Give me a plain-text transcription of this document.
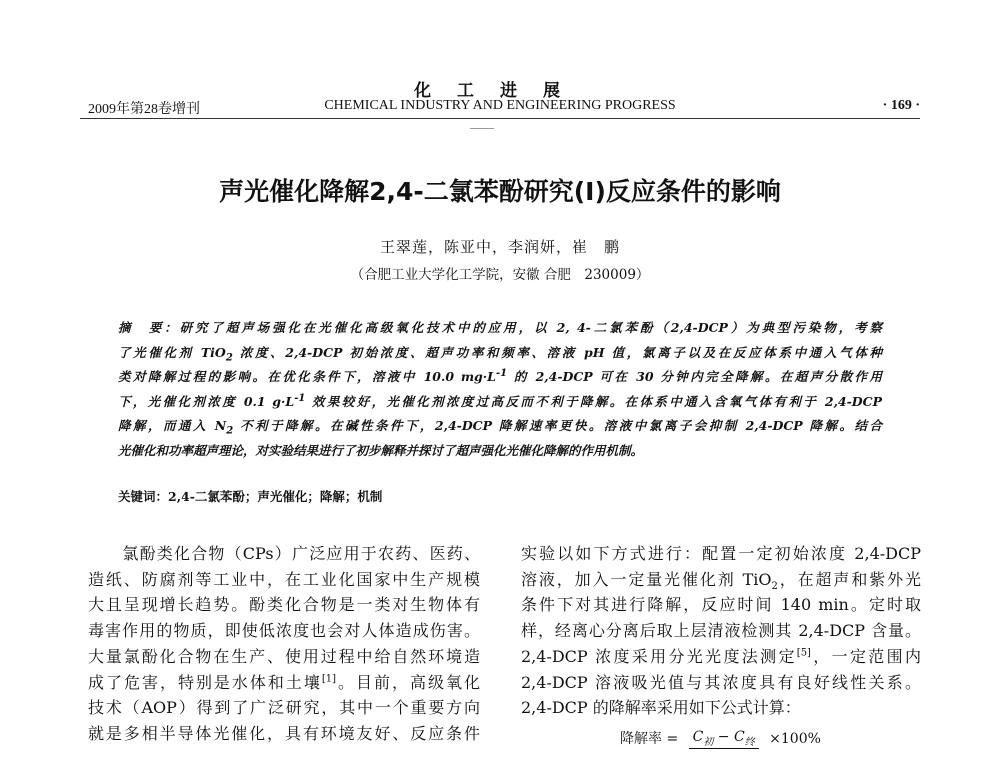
化工进展
2009年第28卷增刊	CHEMICAL INDUSTRY AND ENGINEERING PROGRESS	· 169 ·
声光催化降解2,4-二氯苯酚研究(I)反应条件的影响
王翠莲，陈亚中，李润妍，崔　鹏
（合肥工业大学化工学院，安徽 合肥　230009）
摘　要：研究了超声场强化在光催化高级氧化技术中的应用，以 2, 4-二氯苯酚（2,4-DCP）为典型污染物，考察
了光催化剂 TiO$_2$ 浓度、2,4-DCP 初始浓度、超声功率和频率、溶液 pH 值，氯离子以及在反应体系中通入气体种
类对降解过程的影响。在优化条件下，溶液中 10.0 $mg\cdot L^{-1}$ 的 2,4-DCP 可在 30 分钟内完全降解。在超声分散作用
下，光催化剂浓度 0.1 $g\cdot L^{-1}$ 效果较好，光催化剂浓度过高反而不利于降解。在体系中通入含氧气体有利于 2,4-DCP
降解，而通入 $N_2$ 不利于降解。在碱性条件下，2,4-DCP 降解速率更快。溶液中氯离子会抑制 2,4-DCP 降解。结合
光催化和功率超声理论，对实验结果进行了初步解释并探讨了超声强化光催化降解的作用机制。
关键词：2,4-二氯苯酚；声光催化；降解；机制
　　氯酚类化合物（CPs）广泛应用于农药、医药、
造纸、防腐剂等工业中，在工业化国家中生产规模
大且呈现增长趋势。酚类化合物是一类对生物体有
毒害作用的物质，即使低浓度也会对人体造成伤害。
大量氯酚化合物在生产、使用过程中给自然环境造
成了危害，特别是水体和土壤[1]。目前，高级氧化
技术（AOP）得到了广泛研究，其中一个重要方向
就是多相半导体光催化，具有环境友好、反应条件
实验以如下方式进行：配置一定初始浓度 2,4-DCP
溶液，加入一定量光催化剂 TiO$_2$，在超声和紫外光
条件下对其进行降解，反应时间 140 min。定时取
样，经离心分离后取上层清液检测其 2,4-DCP 含量。
2,4-DCP 浓度采用分光光度法测定[5]，一定范围内
2,4-DCP 溶液吸光值与其浓度具有良好线性关系。
2,4-DCP 的降解率采用如下公式计算：
降解率 = $C_初 - C_终 \times 100\%$
